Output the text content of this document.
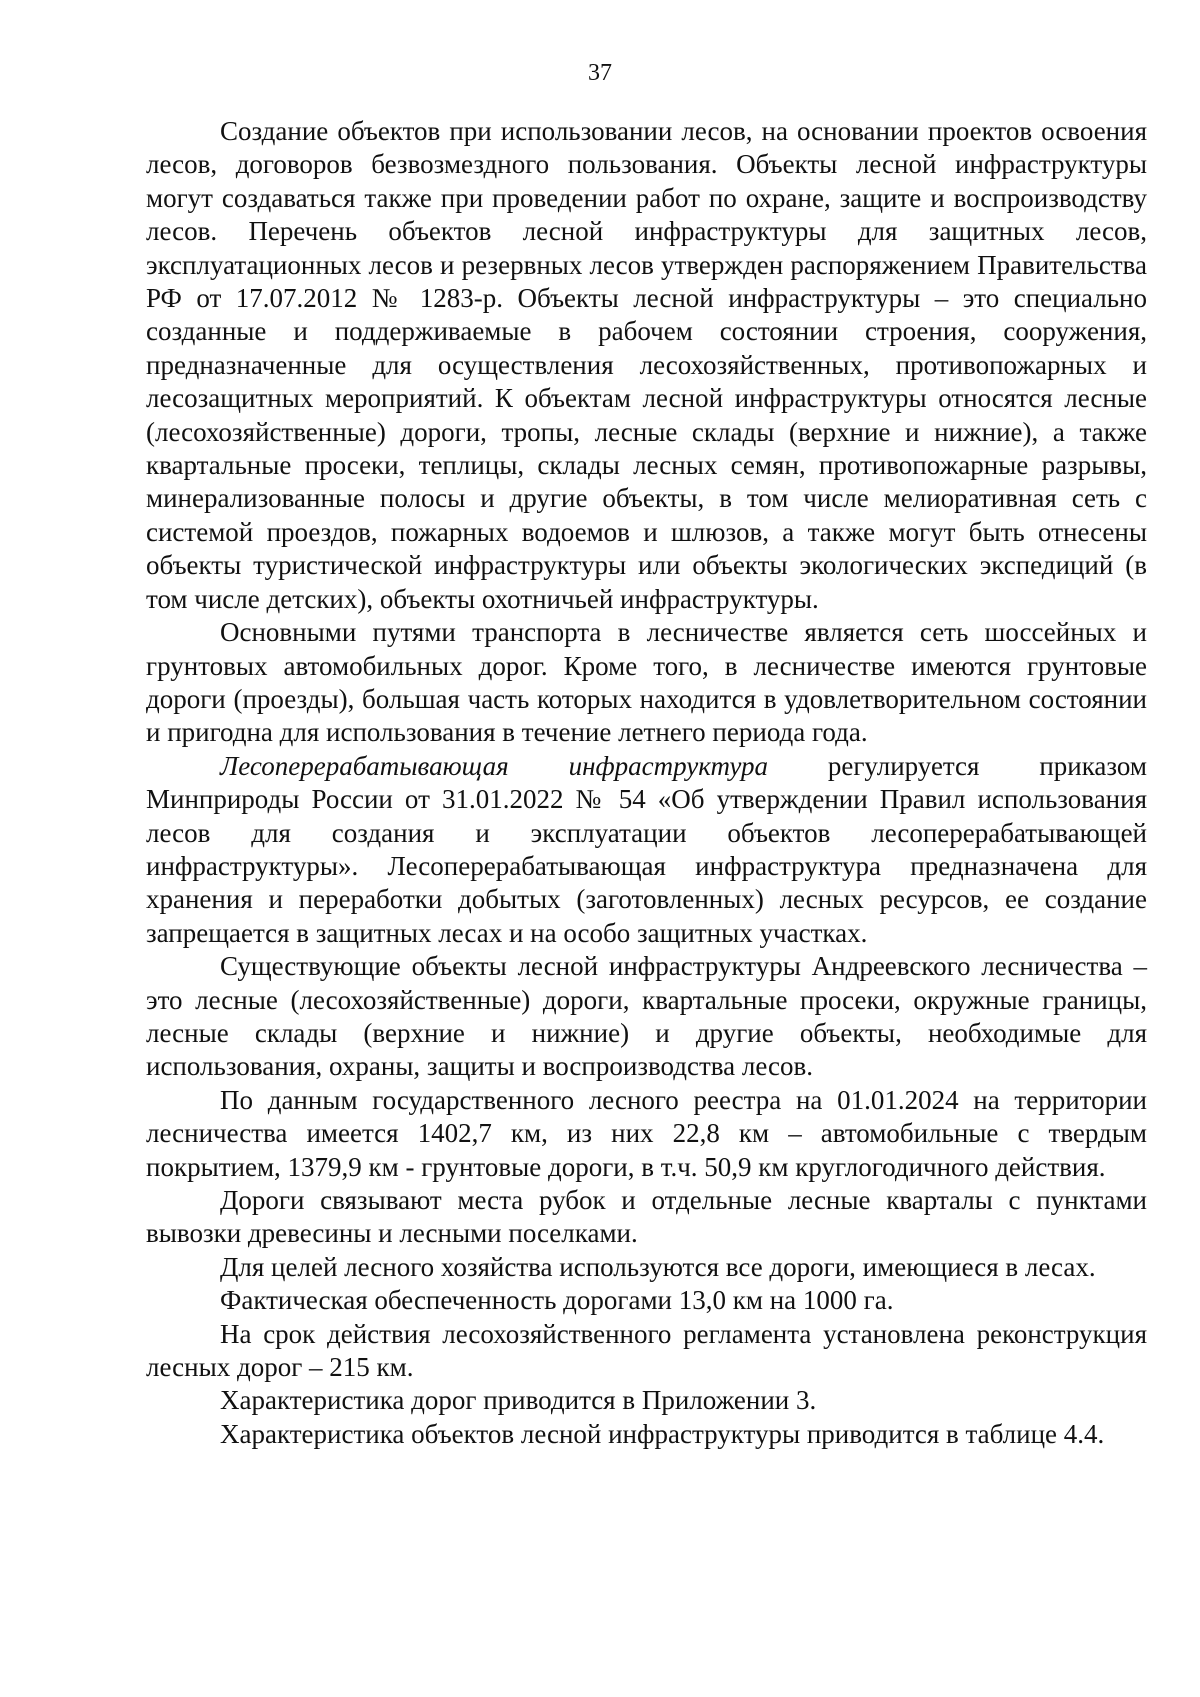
37

Создание объектов при использовании лесов, на основании проектов освоения лесов, договоров безвозмездного пользования. Объекты лесной инфраструктуры могут создаваться также при проведении работ по охране, защите и воспроизводству лесов. Перечень объектов лесной инфраструктуры для защитных лесов, эксплуатационных лесов и резервных лесов утвержден распоряжением Правительства РФ от 17.07.2012 № 1283-р. Объекты лесной инфраструктуры – это специально созданные и поддерживаемые в рабочем состоянии строения, сооружения, предназначенные для осуществления лесохозяйственных, противопожарных и лесозащитных мероприятий. К объектам лесной инфраструктуры относятся лесные (лесохозяйственные) дороги, тропы, лесные склады (верхние и нижние), а также квартальные просеки, теплицы, склады лесных семян, противопожарные разрывы, минерализованные полосы и другие объекты, в том числе мелиоративная сеть с системой проездов, пожарных водоемов и шлюзов, а также могут быть отнесены объекты туристической инфраструктуры или объекты экологических экспедиций (в том числе детских), объекты охотничьей инфраструктуры.

Основными путями транспорта в лесничестве является сеть шоссейных и грунтовых автомобильных дорог. Кроме того, в лесничестве имеются грунтовые дороги (проезды), большая часть которых находится в удовлетворительном состоянии и пригодна для использования в течение летнего периода года.

Лесоперерабатывающая инфраструктура регулируется приказом Минприроды России от 31.01.2022 № 54 «Об утверждении Правил использования лесов для создания и эксплуатации объектов лесоперерабатывающей инфраструктуры». Лесоперерабатывающая инфраструктура предназначена для хранения и переработки добытых (заготовленных) лесных ресурсов, ее создание запрещается в защитных лесах и на особо защитных участках.

Существующие объекты лесной инфраструктуры Андреевского лесничества – это лесные (лесохозяйственные) дороги, квартальные просеки, окружные границы, лесные склады (верхние и нижние) и другие объекты, необходимые для использования, охраны, защиты и воспроизводства лесов.

По данным государственного лесного реестра на 01.01.2024 на территории лесничества имеется 1402,7 км, из них 22,8 км – автомобильные с твердым покрытием, 1379,9 км - грунтовые дороги, в т.ч. 50,9 км круглогодичного действия.

Дороги связывают места рубок и отдельные лесные кварталы с пунктами вывозки древесины и лесными поселками.

Для целей лесного хозяйства используются все дороги, имеющиеся в лесах.

Фактическая обеспеченность дорогами 13,0 км на 1000 га.

На срок действия лесохозяйственного регламента установлена реконструкция лесных дорог – 215 км.

Характеристика дорог приводится в Приложении 3.

Характеристика объектов лесной инфраструктуры приводится в таблице 4.4.
